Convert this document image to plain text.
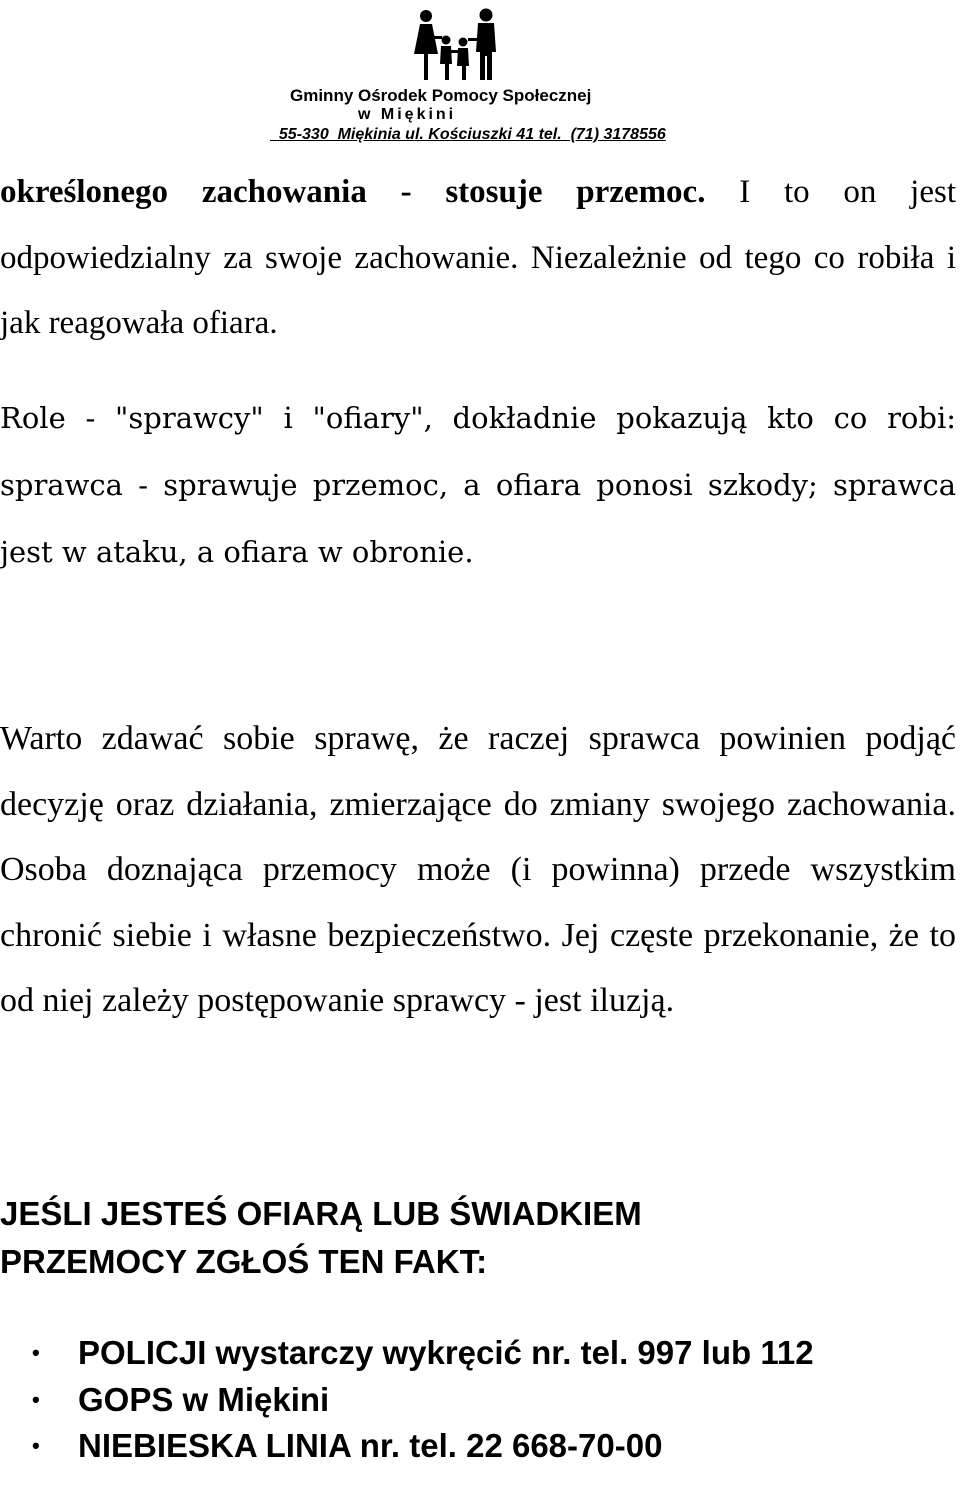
Gminny Ośrodek Pomocy Społecznej
w Miękini
55-330  Miękinia ul. Kościuszki 41 tel.  (71) 3178556

określonego zachowania - stosuje przemoc. I to on jest odpowiedzialny za swoje zachowanie. Niezależnie od tego co robiła i jak reagowała ofiara.

Role - "sprawcy" i "ofiary", dokładnie pokazują kto co robi: sprawca - sprawuje przemoc, a ofiara ponosi szkody; sprawca jest w ataku, a ofiara w obronie.

Warto zdawać sobie sprawę, że raczej sprawca powinien podjąć decyzję oraz działania, zmierzające do zmiany swojego zachowania. Osoba doznająca przemocy może (i powinna) przede wszystkim chronić siebie i własne bezpieczeństwo. Jej częste przekonanie, że to od niej zależy postępowanie sprawcy - jest iluzją.

JEŚLI JESTEŚ OFIARĄ LUB ŚWIADKIEM
PRZEMOCY ZGŁOŚ TEN FAKT:
• POLICJI wystarczy wykręcić nr. tel. 997 lub 112
• GOPS w Miękini
• NIEBIESKA LINIA nr. tel. 22 668-70-00
